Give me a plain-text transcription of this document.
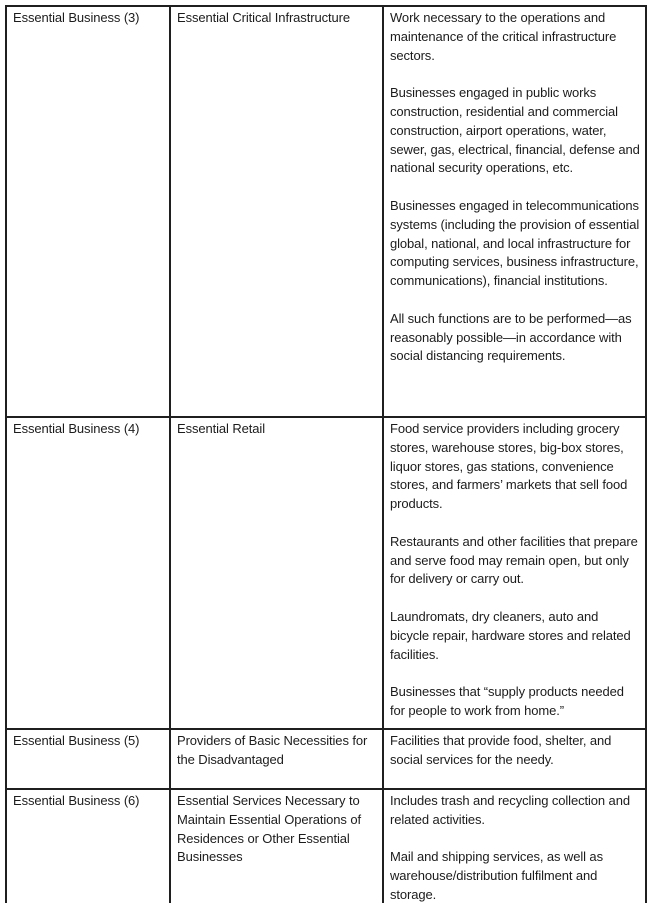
Essential Business (3)	Essential Critical Infrastructure	Work necessary to the operations and maintenance of the critical infrastructure sectors.

Businesses engaged in public works construction, residential and commercial construction, airport operations, water, sewer, gas, electrical, financial, defense and national security operations, etc.

Businesses engaged in telecommunications systems (including the provision of essential global, national, and local infrastructure for computing services, business infrastructure, communications), financial institutions.

All such functions are to be performed—as reasonably possible—in accordance with social distancing requirements.

Essential Business (4)	Essential Retail	Food service providers including grocery stores, warehouse stores, big-box stores, liquor stores, gas stations, convenience stores, and farmers’ markets that sell food products.

Restaurants and other facilities that prepare and serve food may remain open, but only for delivery or carry out.

Laundromats, dry cleaners, auto and bicycle repair, hardware stores and related facilities.

Businesses that “supply products needed for people to work from home.”

Essential Business (5)	Providers of Basic Necessities for the Disadvantaged	Facilities that provide food, shelter, and social services for the needy.

Essential Business (6)	Essential Services Necessary to Maintain Essential Operations of Residences or Other Essential Businesses	Includes trash and recycling collection and related activities.

Mail and shipping services, as well as warehouse/distribution fulfilment and storage.
